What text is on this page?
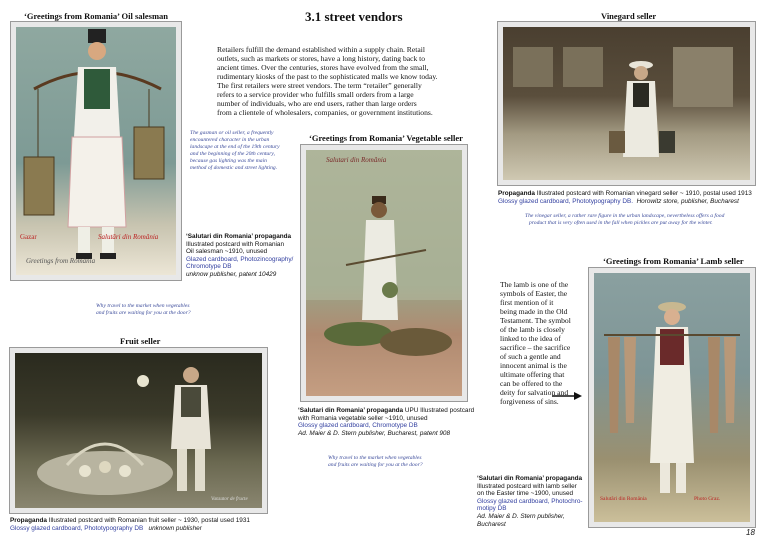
3.1 street vendors
‘Greetings from Romania’ Oil salesman
Gazar	Salutări din România
Greetings from Romania
The gasman or oil seller, a frequently
encountered character in the urban
landscape at the end of the 19th century
and the beginning of the 20th century,
because gas lighting was the main
method of domestic and street lighting.
‘Salutari din Romania’ propaganda
Illustrated postcard with Romanian
Oil salesman ~1910, unused
Glazed cardboard, Photozincography/
Chromotype DB
unknow publisher, patent 10429
Retailers fulfill the demand established within a supply chain. Retail
outlets, such as markets or stores, have a long history, dating back to
ancient times. Over the centuries, stores have evolved from the small,
rudimentary kiosks of the past to the sophisticated malls we know today.
The first retailers were street vendors. The term “retailer” generally
refers to a service provider who fulfills small orders from a large
number of individuals, who are end users, rather than large orders
from a clientele of wholesalers, companies, or government institutions.
Why travel to the market when vegetables
and fruits are waiting for you at the door?
Fruit seller
Vanzator de fructe
Propaganda Illustrated postcard with Romanian fruit seller ~ 1930, postal used 1931
Glossy glazed cardboard, Phototypography DB unknown publisher
‘Greetings from Romania’ Vegetable seller
Salutari din România
‘Salutari din Romania’ propaganda UPU Illustrated postcard
with Romania vegetable seller ~1910, unused
Glossy glazed cardboard, Chromotype DB
Ad. Maier & D. Stern publisher, Bucharest, patent 908
Why travel to the market when vegetables
and fruits are waiting for you at the door?
Vinegard seller
Propaganda Illustrated postcard with Romanian vinegard seller ~ 1910, postal used 1913
Glossy glazed cardboard, Phototypography DB. Horowitz store, publisher, Bucharest
The vinegar seller, a rather rare figure in the urban landscape, nevertheless offers a food
product that is very often used in the fall when pickles are put away for the winter.
‘Greetings from Romania’ Lamb seller
The lamb is one of the
symbols of Easter, the
first mention of it
being made in the Old
Testament. The symbol
of the lamb is closely
linked to the idea of
sacrifice – the sacrifice
of such a gentle and
innocent animal is the
ultimate offering that
can be offered to the
deity for salvation and
forgiveness of sins.
Salutări din România	Photo Graz.
‘Salutari din Romania’ propaganda
Illustrated postcard with lamb seller
on the Easter time ~1900, unused
Glossy glazed cardboard, Photochro-
motipy DB
Ad. Maier & D. Stern publisher,
Bucharest
18
